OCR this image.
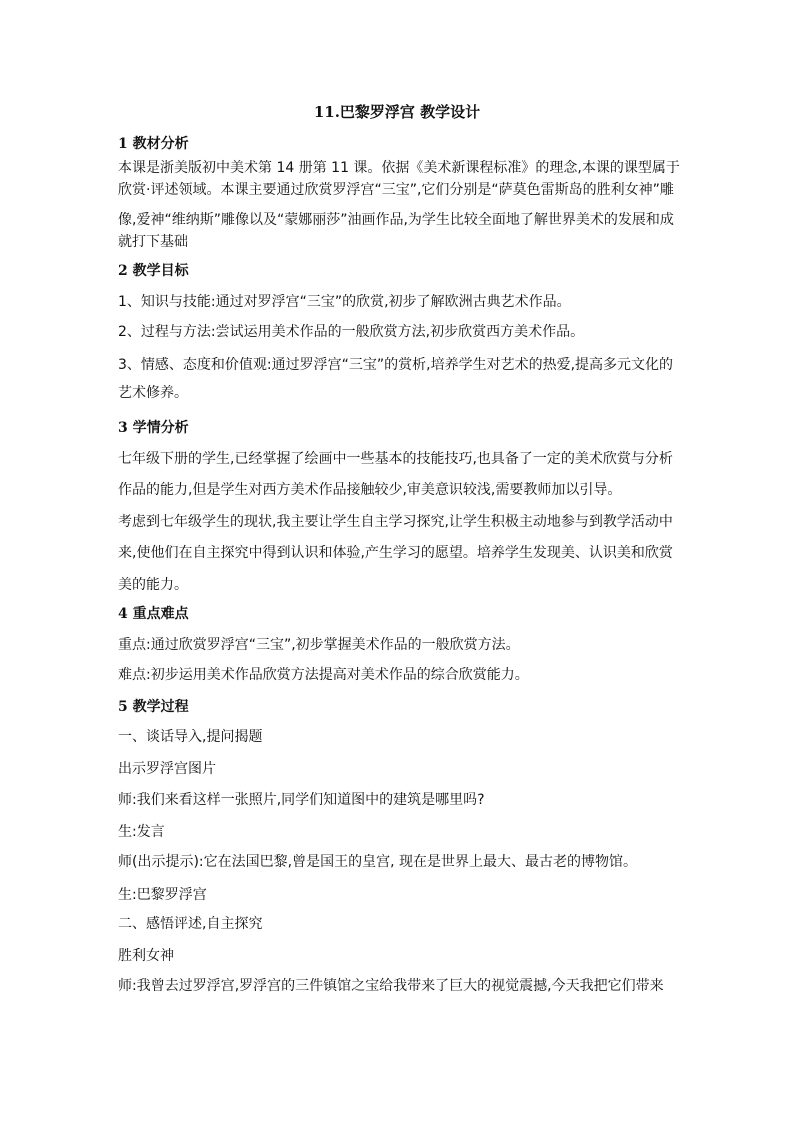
11.巴黎罗浮宫 教学设计
1 教材分析
本课是浙美版初中美术第 14 册第 11 课。依据《美术新课程标准》的理念,本课的课型属于
欣赏·评述领域。本课主要通过欣赏罗浮宫“三宝”,它们分别是“萨莫色雷斯岛的胜利女神”雕
像,爱神“维纳斯”雕像以及“蒙娜丽莎”油画作品,为学生比较全面地了解世界美术的发展和成
就打下基础
2 教学目标
1、知识与技能:通过对罗浮宫“三宝”的欣赏,初步了解欧洲古典艺术作品。
2、过程与方法:尝试运用美术作品的一般欣赏方法,初步欣赏西方美术作品。
3、情感、态度和价值观:通过罗浮宫“三宝”的赏析,培养学生对艺术的热爱,提高多元文化的
艺术修养。
3 学情分析
七年级下册的学生,已经掌握了绘画中一些基本的技能技巧,也具备了一定的美术欣赏与分析
作品的能力,但是学生对西方美术作品接触较少,审美意识较浅,需要教师加以引导。
考虑到七年级学生的现状,我主要让学生自主学习探究,让学生积极主动地参与到教学活动中
来,使他们在自主探究中得到认识和体验,产生学习的愿望。培养学生发现美、认识美和欣赏
美的能力。
4 重点难点
重点:通过欣赏罗浮宫“三宝”,初步掌握美术作品的一般欣赏方法。
难点:初步运用美术作品欣赏方法提高对美术作品的综合欣赏能力。
5 教学过程
一、谈话导入,提问揭题
出示罗浮宫图片
师:我们来看这样一张照片,同学们知道图中的建筑是哪里吗?
生:发言
师(出示提示):它在法国巴黎,曾是国王的皇宫, 现在是世界上最大、最古老的博物馆。
生:巴黎罗浮宫
二、感悟评述,自主探究
胜利女神
师:我曾去过罗浮宫,罗浮宫的三件镇馆之宝给我带来了巨大的视觉震撼,今天我把它们带来
